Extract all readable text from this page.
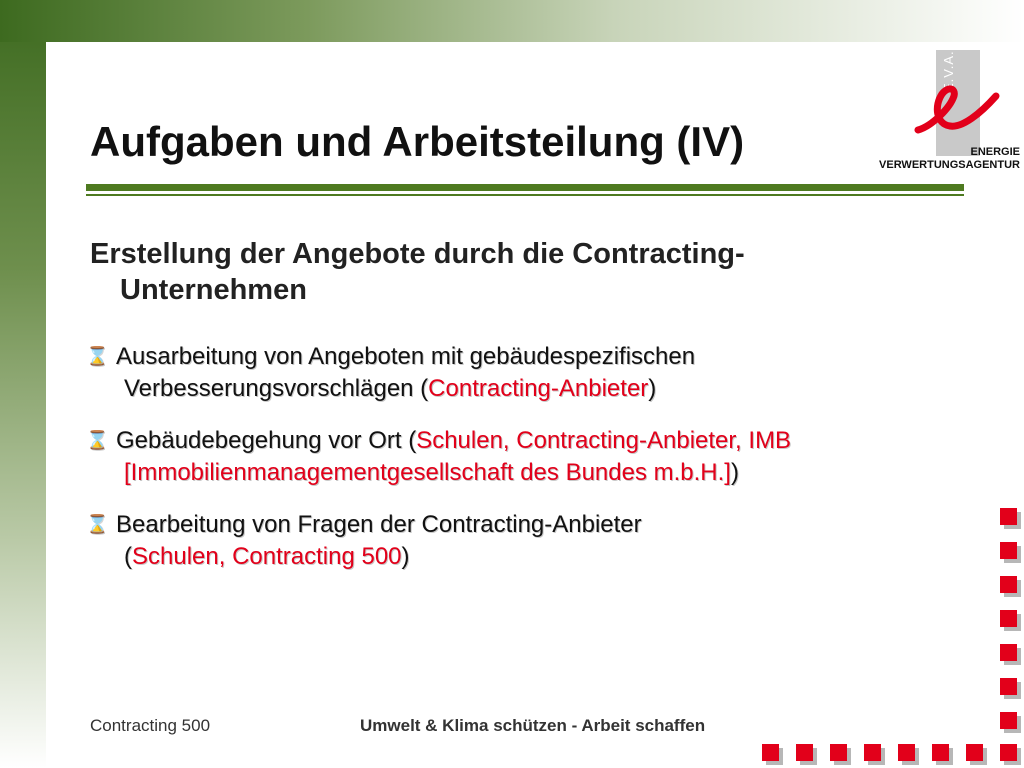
Aufgaben und Arbeitsteilung (IV)
E.V.A.
ENERGIE
VERWERTUNGSAGENTUR
Erstellung der Angebote durch die Contracting-
Unternehmen
⌛ Ausarbeitung von Angeboten mit gebäudespezifischen
Verbesserungsvorschlägen (Contracting-Anbieter)
⌛ Gebäudebegehung vor Ort (Schulen, Contracting-Anbieter, IMB
[Immobilienmanagementgesellschaft des Bundes m.b.H.])
⌛ Bearbeitung von Fragen der Contracting-Anbieter
(Schulen, Contracting 500)
Contracting 500	Umwelt & Klima schützen - Arbeit schaffen
